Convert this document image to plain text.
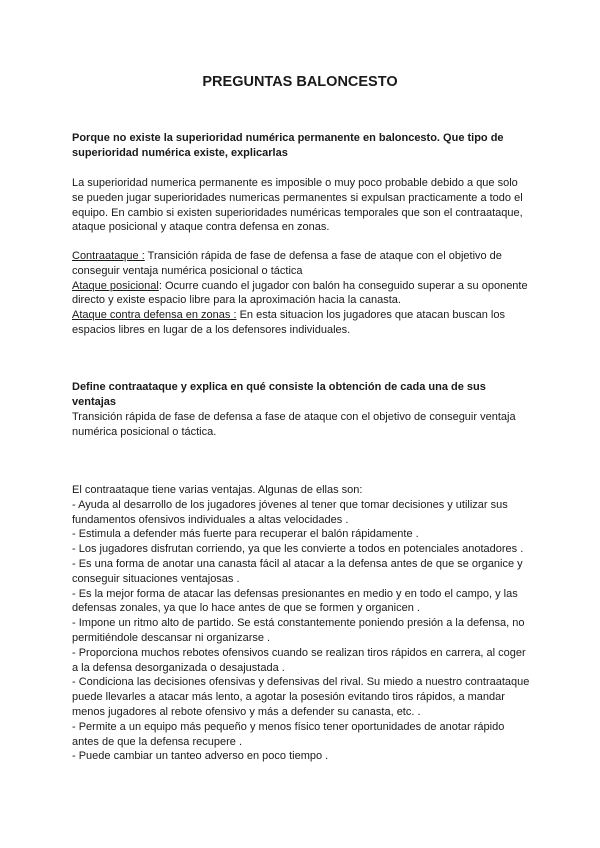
PREGUNTAS BALONCESTO

Porque no existe la superioridad numérica permanente en baloncesto. Que tipo de superioridad numérica existe, explicarlas

La superioridad numerica permanente es imposible o muy poco probable debido a que solo se pueden jugar superioridades numericas permanentes si expulsan practicamente a todo el equipo. En cambio si existen superioridades numéricas temporales que son el contraataque, ataque posicional y ataque contra defensa en zonas.

Contraataque : Transición rápida de fase de defensa a fase de ataque con el objetivo de conseguir ventaja numérica posicional o táctica

Ataque posicional: Ocurre cuando el jugador con balón ha conseguido superar a su oponente directo y existe espacio libre para la aproximación hacia la canasta.

Ataque contra defensa en zonas : En esta situacion los jugadores que atacan buscan los espacios libres en lugar de a los defensores individuales.

Define contraataque y explica en qué consiste la obtención de cada una de sus ventajas

Transición rápida de fase de defensa a fase de ataque con el objetivo de conseguir ventaja numérica posicional o táctica.

El contraataque tiene varias ventajas. Algunas de ellas son:

- Ayuda al desarrollo de los jugadores jóvenes al tener que tomar decisiones y utilizar sus fundamentos ofensivos individuales a altas velocidades .

- Estimula a defender más fuerte para recuperar el balón rápidamente .

- Los jugadores disfrutan corriendo, ya que les convierte a todos en potenciales anotadores .

- Es una forma de anotar una canasta fácil al atacar a la defensa antes de que se organice y conseguir situaciones ventajosas .

- Es la mejor forma de atacar las defensas presionantes en medio y en todo el campo, y las defensas zonales, ya que lo hace antes de que se formen y organicen .

- Impone un ritmo alto de partido. Se está constantemente poniendo presión a la defensa, no permitiéndole descansar ni organizarse .

- Proporciona muchos rebotes ofensivos cuando se realizan tiros rápidos en carrera, al coger a la defensa desorganizada o desajustada .

- Condiciona las decisiones ofensivas y defensivas del rival. Su miedo a nuestro contraataque puede llevarles a atacar más lento, a agotar la posesión evitando tiros rápidos, a mandar menos jugadores al rebote ofensivo y más a defender su canasta, etc. .

- Permite a un equipo más pequeño y menos físico tener oportunidades de anotar rápido antes de que la defensa recupere .

- Puede cambiar un tanteo adverso en poco tiempo .
